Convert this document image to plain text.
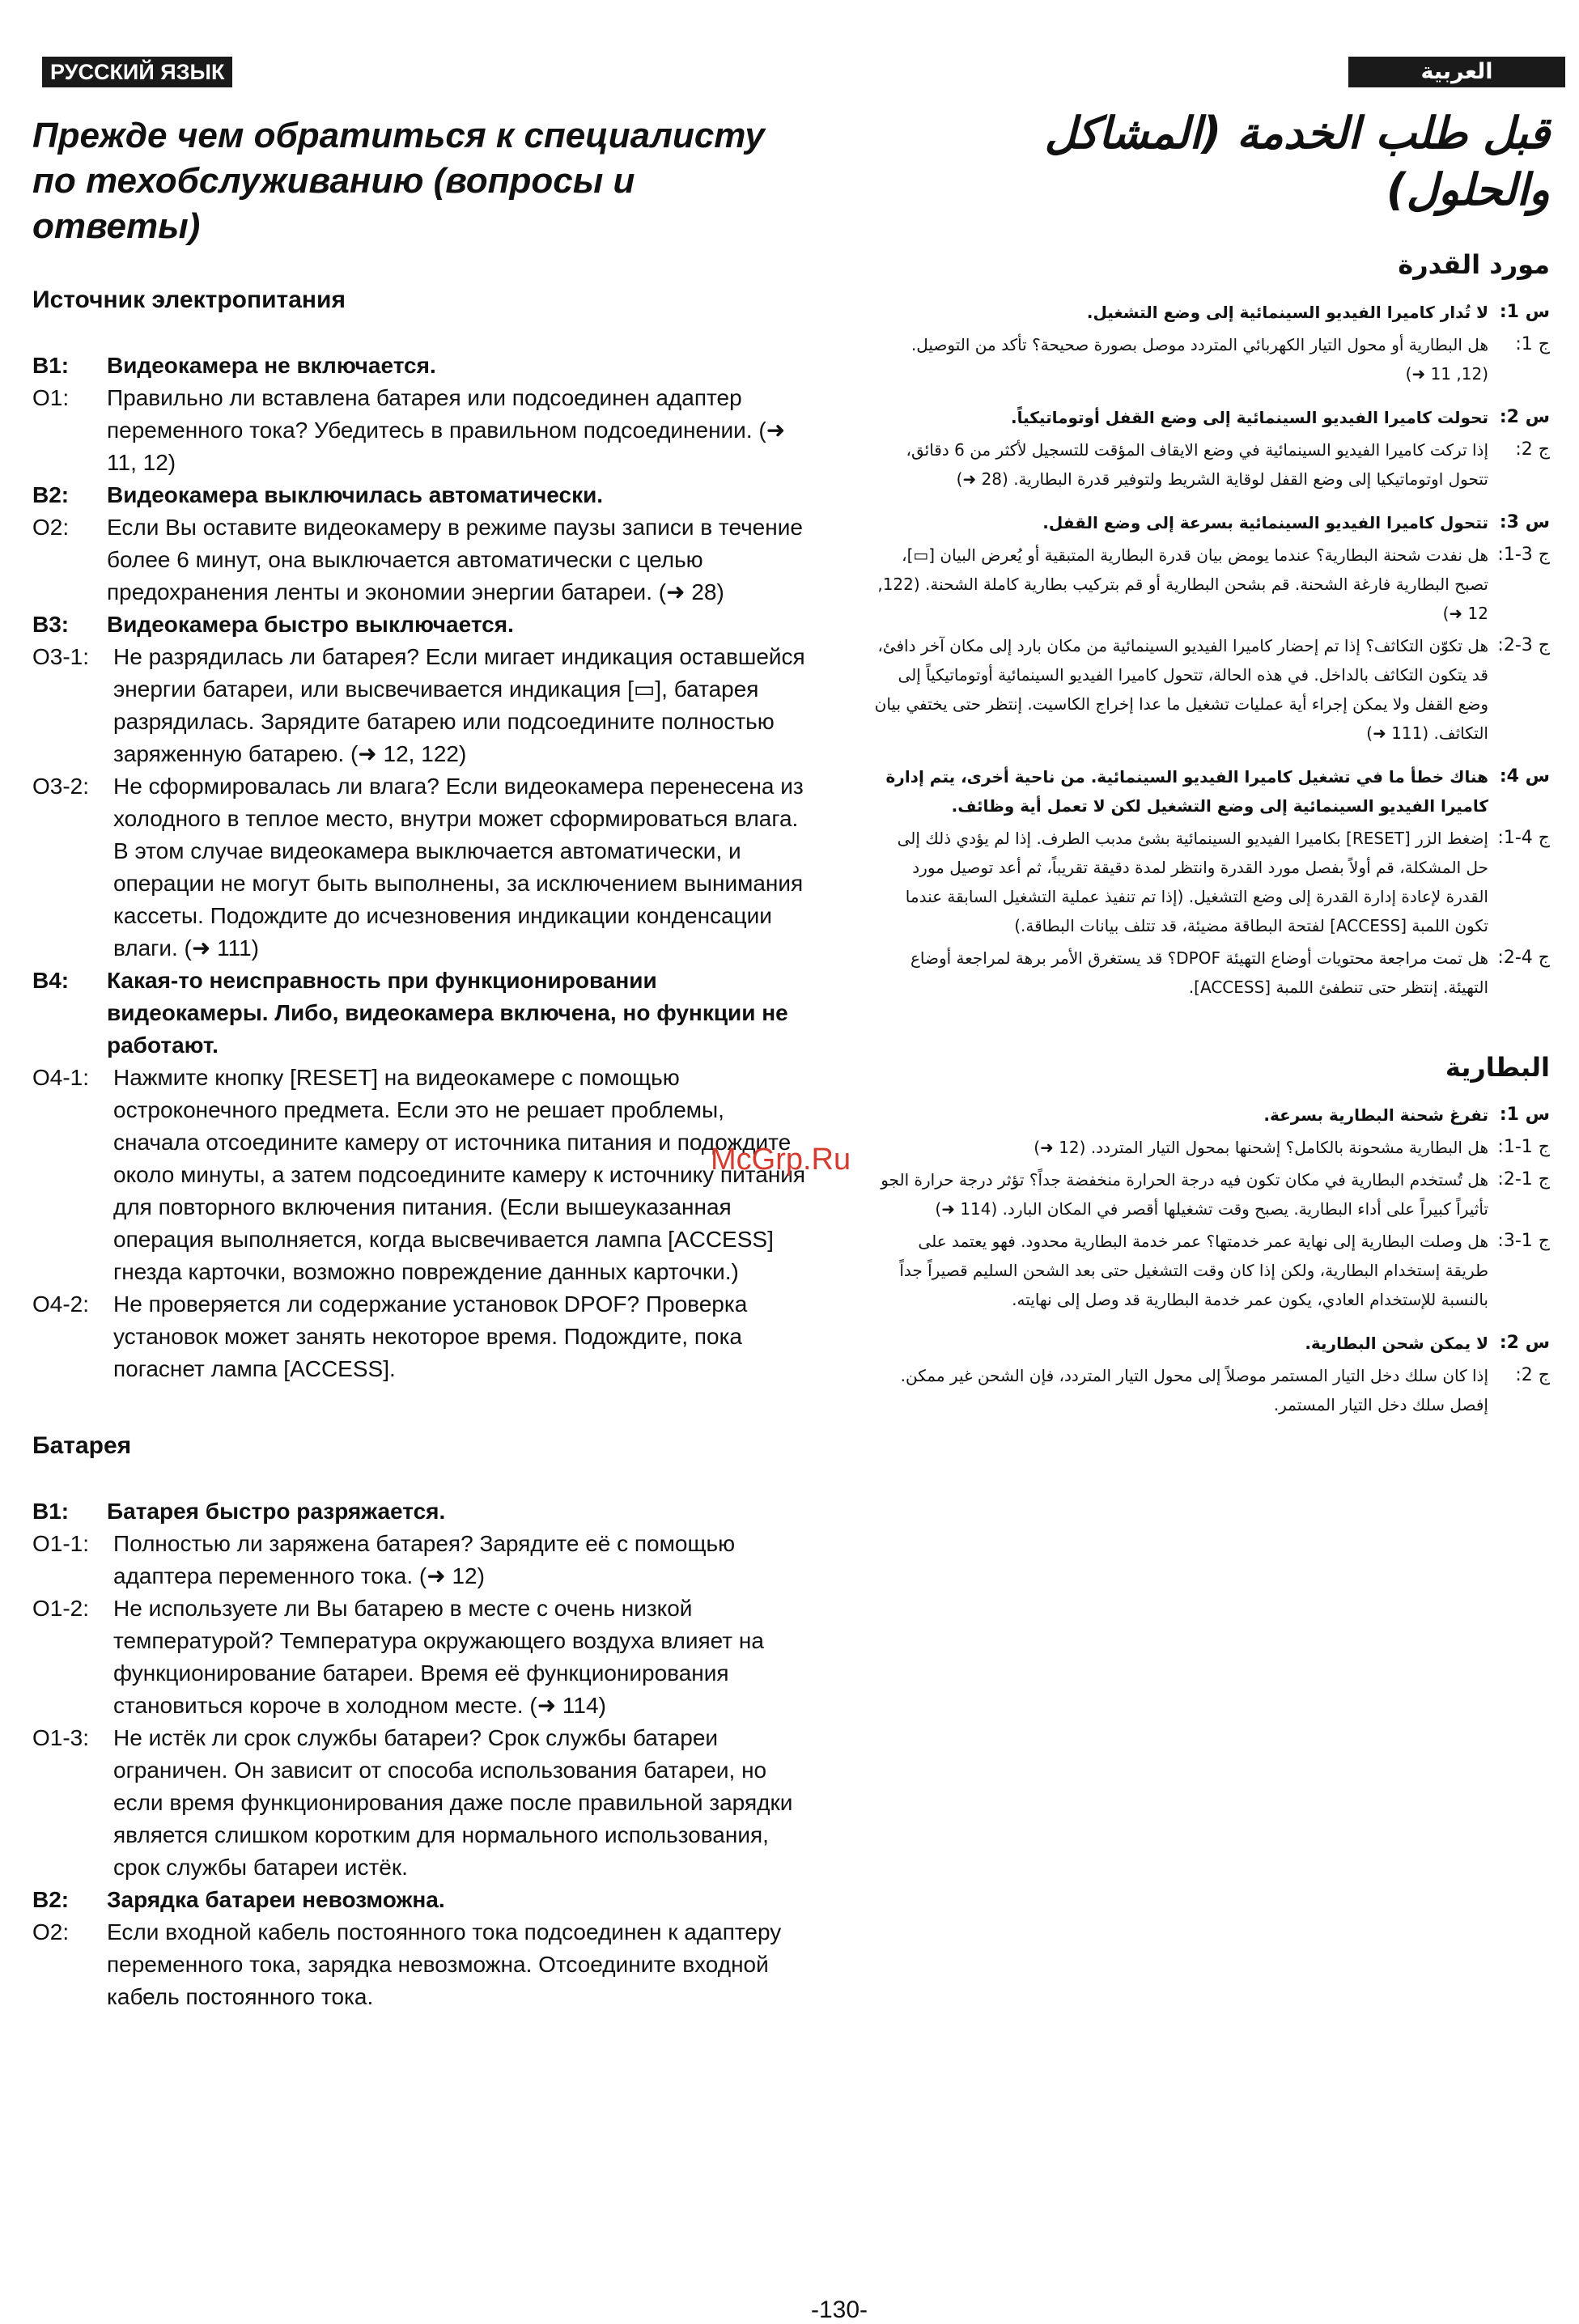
РУССКИЙ ЯЗЫК	العربية
Прежде чем обратиться к специалисту по техобслуживанию (вопросы и ответы)
Источник электропитания
В1:	Видеокамера не включается.
О1:	Правильно ли вставлена батарея или подсоединен адаптер переменного тока? Убедитесь в правильном подсоединении. (➜ 11, 12)
В2:	Видеокамера выключилась автоматически.
О2:	Если Вы оставите видеокамеру в режиме паузы записи в течение более 6 минут, она выключается автоматически с целью предохранения ленты и экономии энергии батареи. (➜ 28)
В3:	Видеокамера быстро выключается.
О3-1:	Не разрядилась ли батарея? Если мигает индикация оставшейся энергии батареи, или высвечивается индикация [▭], батарея разрядилась. Зарядите батарею или подсоедините полностью заряженную батарею. (➜ 12, 122)
О3-2:	Не сформировалась ли влага? Если видеокамера перенесена из холодного в теплое место, внутри может сформироваться влага. В этом случае видеокамера выключается автоматически, и операции не могут быть выполнены, за исключением вынимания кассеты. Подождите до исчезновения индикации конденсации влаги. (➜ 111)
В4:	Какая-то неисправность при функционировании видеокамеры. Либо, видеокамера включена, но функции не работают.
О4-1:	Нажмите кнопку [RESET] на видеокамере с помощью остроконечного предмета. Если это не решает проблемы, сначала отсоедините камеру от источника питания и подождите около минуты, а затем подсоедините камеру к источнику питания для повторного включения питания. (Если вышеуказанная операция выполняется, когда высвечивается лампа [ACCESS] гнезда карточки, возможно повреждение данных карточки.)
О4-2:	Не проверяется ли содержание установок DPOF? Проверка установок может занять некоторое время. Подождите, пока погаснет лампа [ACCESS].
Батарея
В1:	Батарея быстро разряжается.
О1-1:	Полностью ли заряжена батарея? Зарядите её с помощью адаптера переменного тока. (➜ 12)
О1-2:	Не используете ли Вы батарею в месте с очень низкой температурой? Температура окружающего воздуха влияет на функционирование батареи. Время её функционирования становиться короче в холодном месте. (➜ 114)
О1-3:	Не истёк ли срок службы батареи? Срок службы батареи ограничен. Он зависит от способа использования батареи, но если время функционирования даже после правильной зарядки является слишком коротким для нормального использования, срок службы батареи истёк.
В2:	Зарядка батареи невозможна.
О2:	Если входной кабель постоянного тока подсоединен к адаптеру переменного тока, зарядка невозможна. Отсоедините входной кабель постоянного тока.
قبل طلب الخدمة (المشاكل والحلول)
مورد القدرة
س 1:
لا تُدار كاميرا الفيديو السينمائية إلى وضع التشغيل.
ج 1:
هل البطارية أو محول التيار الكهربائي المتردد موصل بصورة صحيحة؟ تأكد من التوصيل. (12, 11 ➜)
س 2:
تحولت كاميرا الفيديو السينمائية إلى وضع القفل أوتوماتيكياً.
ج 2:
إذا تركت كاميرا الفيديو السينمائية في وضع الايقاف المؤقت للتسجيل لأكثر من 6 دقائق، تتحول اوتوماتيكيا إلى وضع القفل لوقاية الشريط ولتوفير قدرة البطارية. (28 ➜)
س 3:
تتحول كاميرا الفيديو السينمائية بسرعة إلى وضع القفل.
ج 3-1:
هل نفدت شحنة البطارية؟ عندما يومض بيان قدرة البطارية المتبقية أو يُعرض البيان [▭]، تصبح البطارية فارغة الشحنة. قم بشحن البطارية أو قم بتركيب بطارية كاملة الشحنة. (122, 12 ➜)
ج 3-2:
هل تكوّن التكاثف؟ إذا تم إحضار كاميرا الفيديو السينمائية من مكان بارد إلى مكان آخر دافئ، قد يتكون التكاثف بالداخل. في هذه الحالة، تتحول كاميرا الفيديو السينمائية أوتوماتيكياً إلى وضع القفل ولا يمكن إجراء أية عمليات تشغيل ما عدا إخراج الكاسيت. إنتظر حتى يختفي بيان التكاثف. (111 ➜)
س 4:
هناك خطأ ما في تشغيل كاميرا الفيديو السينمائية. من ناحية أخرى، يتم إدارة كاميرا الفيديو السينمائية إلى وضع التشغيل لكن لا تعمل أية وظائف.
ج 4-1:
إضغط الزر [RESET] بكاميرا الفيديو السينمائية بشئ مدبب الطرف. إذا لم يؤدي ذلك إلى حل المشكلة، قم أولاً بفصل مورد القدرة وانتظر لمدة دقيقة تقريباً، ثم أعد توصيل مورد القدرة لإعادة إدارة القدرة إلى وضع التشغيل. (إذا تم تنفيذ عملية التشغيل السابقة عندما تكون اللمبة [ACCESS] لفتحة البطاقة مضيئة، قد تتلف بيانات البطاقة.)
ج 4-2:
هل تمت مراجعة محتويات أوضاع التهيئة DPOF؟ قد يستغرق الأمر برهة لمراجعة أوضاع التهيئة. إنتظر حتى تنطفئ اللمبة [ACCESS].
البطارية
س 1:
تفرغ شحنة البطارية بسرعة.
ج 1-1:
هل البطارية مشحونة بالكامل؟ إشحنها بمحول التيار المتردد. (12 ➜)
ج 1-2:
هل تُستخدم البطارية في مكان تكون فيه درجة الحرارة منخفضة جداً؟ تؤثر درجة حرارة الجو تأثيراً كبيراً على أداء البطارية. يصبح وقت تشغيلها أقصر في المكان البارد. (114 ➜)
ج 1-3:
هل وصلت البطارية إلى نهاية عمر خدمتها؟ عمر خدمة البطارية محدود. فهو يعتمد على طريقة إستخدام البطارية، ولكن إذا كان وقت التشغيل حتى بعد الشحن السليم قصيراً جداً بالنسبة للإستخدام العادي، يكون عمر خدمة البطارية قد وصل إلى نهايته.
س 2:
لا يمكن شحن البطارية.
ج 2:
إذا كان سلك دخل التيار المستمر موصلاً إلى محول التيار المتردد، فإن الشحن غير ممكن. إفصل سلك دخل التيار المستمر.
McGrp.Ru
-130-
